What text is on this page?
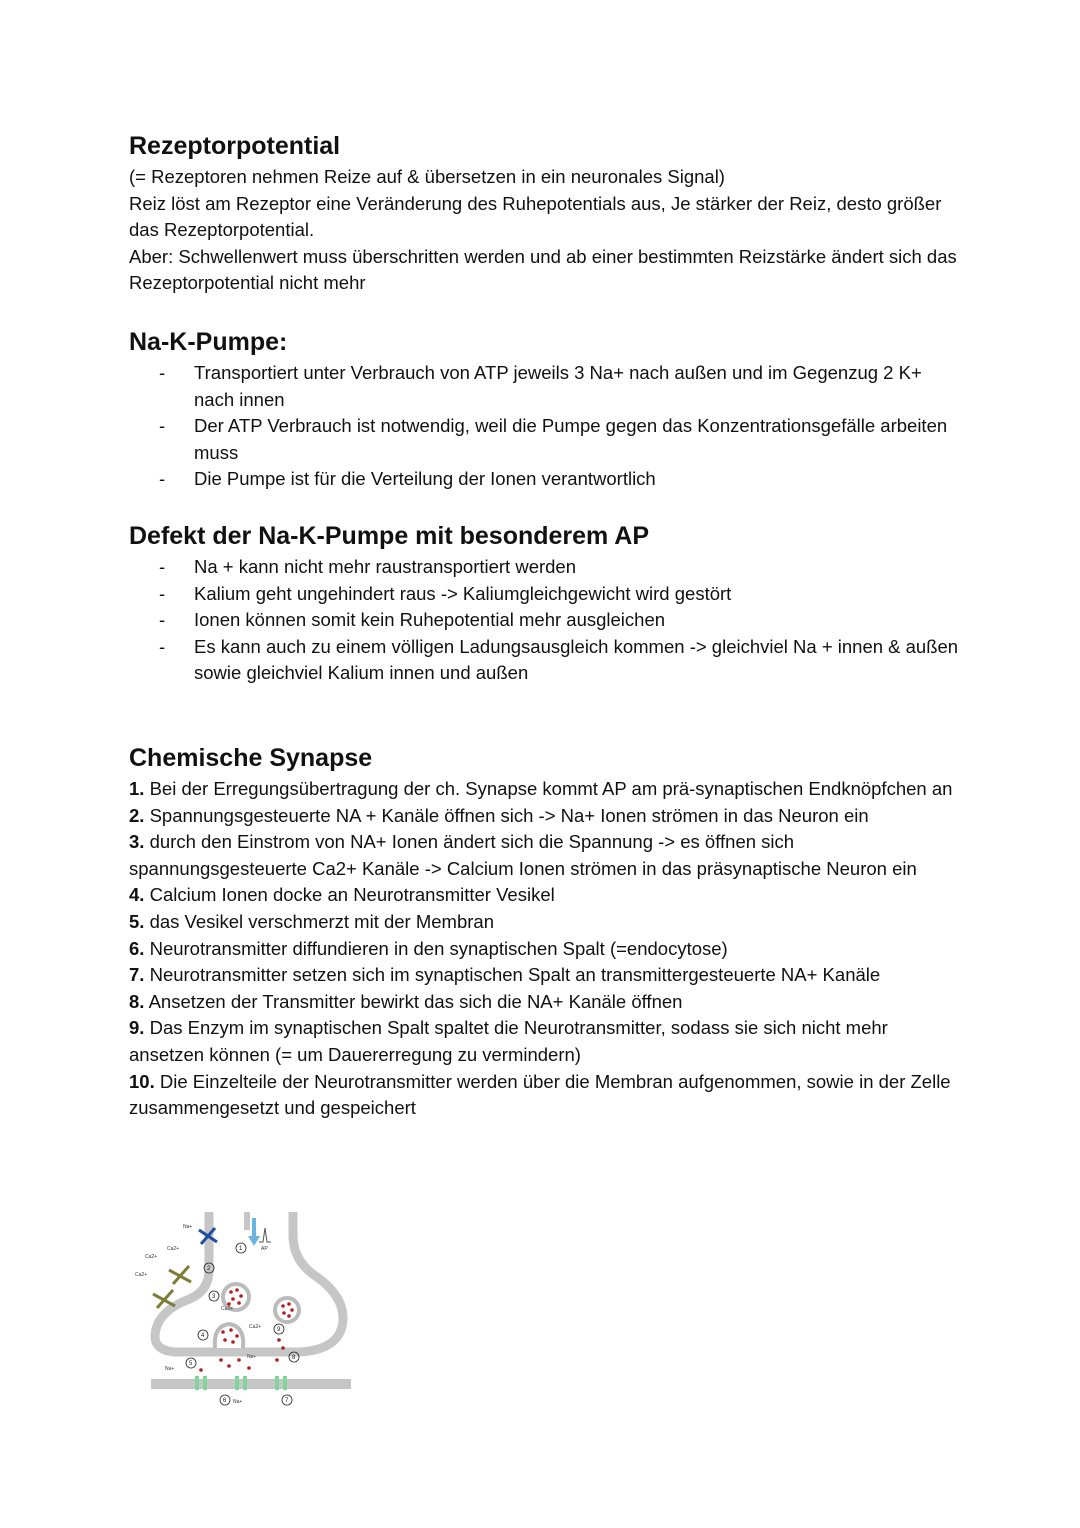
Rezeptorpotential

(= Rezeptoren nehmen Reize auf & übersetzen in ein neuronales Signal)

Reiz löst am Rezeptor eine Veränderung des Ruhepotentials aus, Je stärker der Reiz, desto größer das Rezeptorpotential.

Aber: Schwellenwert muss überschritten werden und ab einer bestimmten Reizstärke ändert sich das Rezeptorpotential nicht mehr

Na-K-Pumpe:
- Transportiert unter Verbrauch von ATP jeweils 3 Na+ nach außen und im Gegenzug 2 K+ nach innen
- Der ATP Verbrauch ist notwendig, weil die Pumpe gegen das Konzentrationsgefälle arbeiten muss
- Die Pumpe ist für die Verteilung der Ionen verantwortlich
Defekt der Na-K-Pumpe mit besonderem AP
- Na + kann nicht mehr raustransportiert werden
- Kalium geht ungehindert raus -> Kaliumgleichgewicht wird gestört
- Ionen können somit kein Ruhepotential mehr ausgleichen
- Es kann auch zu einem völligen Ladungsausgleich kommen -> gleichviel Na + innen & außen sowie gleichviel Kalium innen und außen
Chemische Synapse
1. Bei der Erregungsübertragung der ch. Synapse kommt AP am prä-synaptischen Endknöpfchen an
2. Spannungsgesteuerte NA + Kanäle öffnen sich -> Na+ Ionen strömen in das Neuron ein
3. durch den Einstrom von NA+ Ionen ändert sich die Spannung -> es öffnen sich spannungsgesteuerte Ca2+ Kanäle -> Calcium Ionen strömen in das präsynaptische Neuron ein
4. Calcium Ionen docke an Neurotransmitter Vesikel
5. das Vesikel verschmerzt mit der Membran
6. Neurotransmitter diffundieren in den synaptischen Spalt (=endocytose)
7. Neurotransmitter setzen sich im synaptischen Spalt an transmittergesteuerte NA+ Kanäle
8. Ansetzen der Transmitter bewirkt das sich die NA+ Kanäle öffnen
9. Das Enzym im synaptischen Spalt spaltet die Neurotransmitter, sodass sie sich nicht mehr ansetzen können (= um Dauererregung zu vermindern)
10. Die Einzelteile der Neurotransmitter werden über die Membran aufgenommen, sowie in der Zelle zusammengesetzt und gespeichert
AP
Na+
Ca2+
Ca2+
Ca2+	1
2
3
4
5
6	7
8
9
Na+
Na+
Na+
Ca2+
Ca2+
